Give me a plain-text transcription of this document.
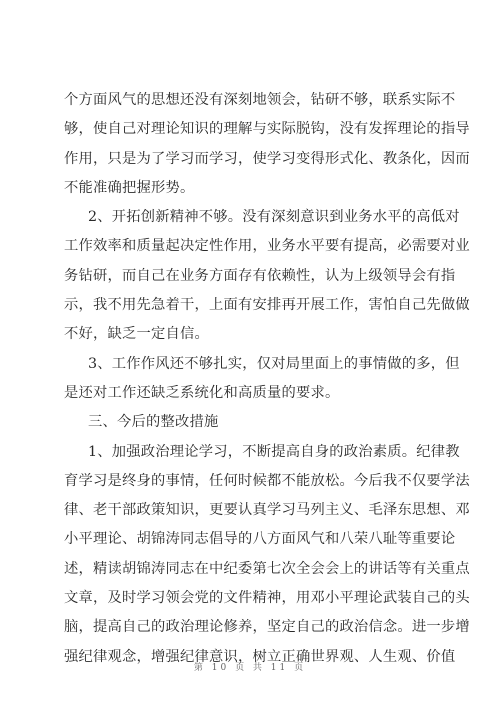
个方面风气的思想还没有深刻地领会，钻研不够，联系实际不
够，使自己对理论知识的理解与实际脱钩，没有发挥理论的指导
作用，只是为了学习而学习，使学习变得形式化、教条化，因而
不能准确把握形势。
2、开拓创新精神不够。没有深刻意识到业务水平的高低对
工作效率和质量起决定性作用，业务水平要有提高，必需要对业
务钻研，而自己在业务方面存有依赖性，认为上级领导会有指
示，我不用先急着干，上面有安排再开展工作，害怕自己先做做
不好，缺乏一定自信。
3、工作作风还不够扎实，仅对局里面上的事情做的多，但
是还对工作还缺乏系统化和高质量的要求。
三、今后的整改措施
1、加强政治理论学习，不断提高自身的政治素质。纪律教
育学习是终身的事情，任何时候都不能放松。今后我不仅要学法
律、老干部政策知识，更要认真学习马列主义、毛泽东思想、邓
小平理论、胡锦涛同志倡导的八方面风气和八荣八耻等重要论
述，精读胡锦涛同志在中纪委第七次全会会上的讲话等有关重点
文章，及时学习领会党的文件精神，用邓小平理论武装自己的头
脑，提高自己的政治理论修养，坚定自己的政治信念。进一步增
强纪律观念，增强纪律意识，树立正确世界观、人生观、价值
第 10 页 共 11 页
